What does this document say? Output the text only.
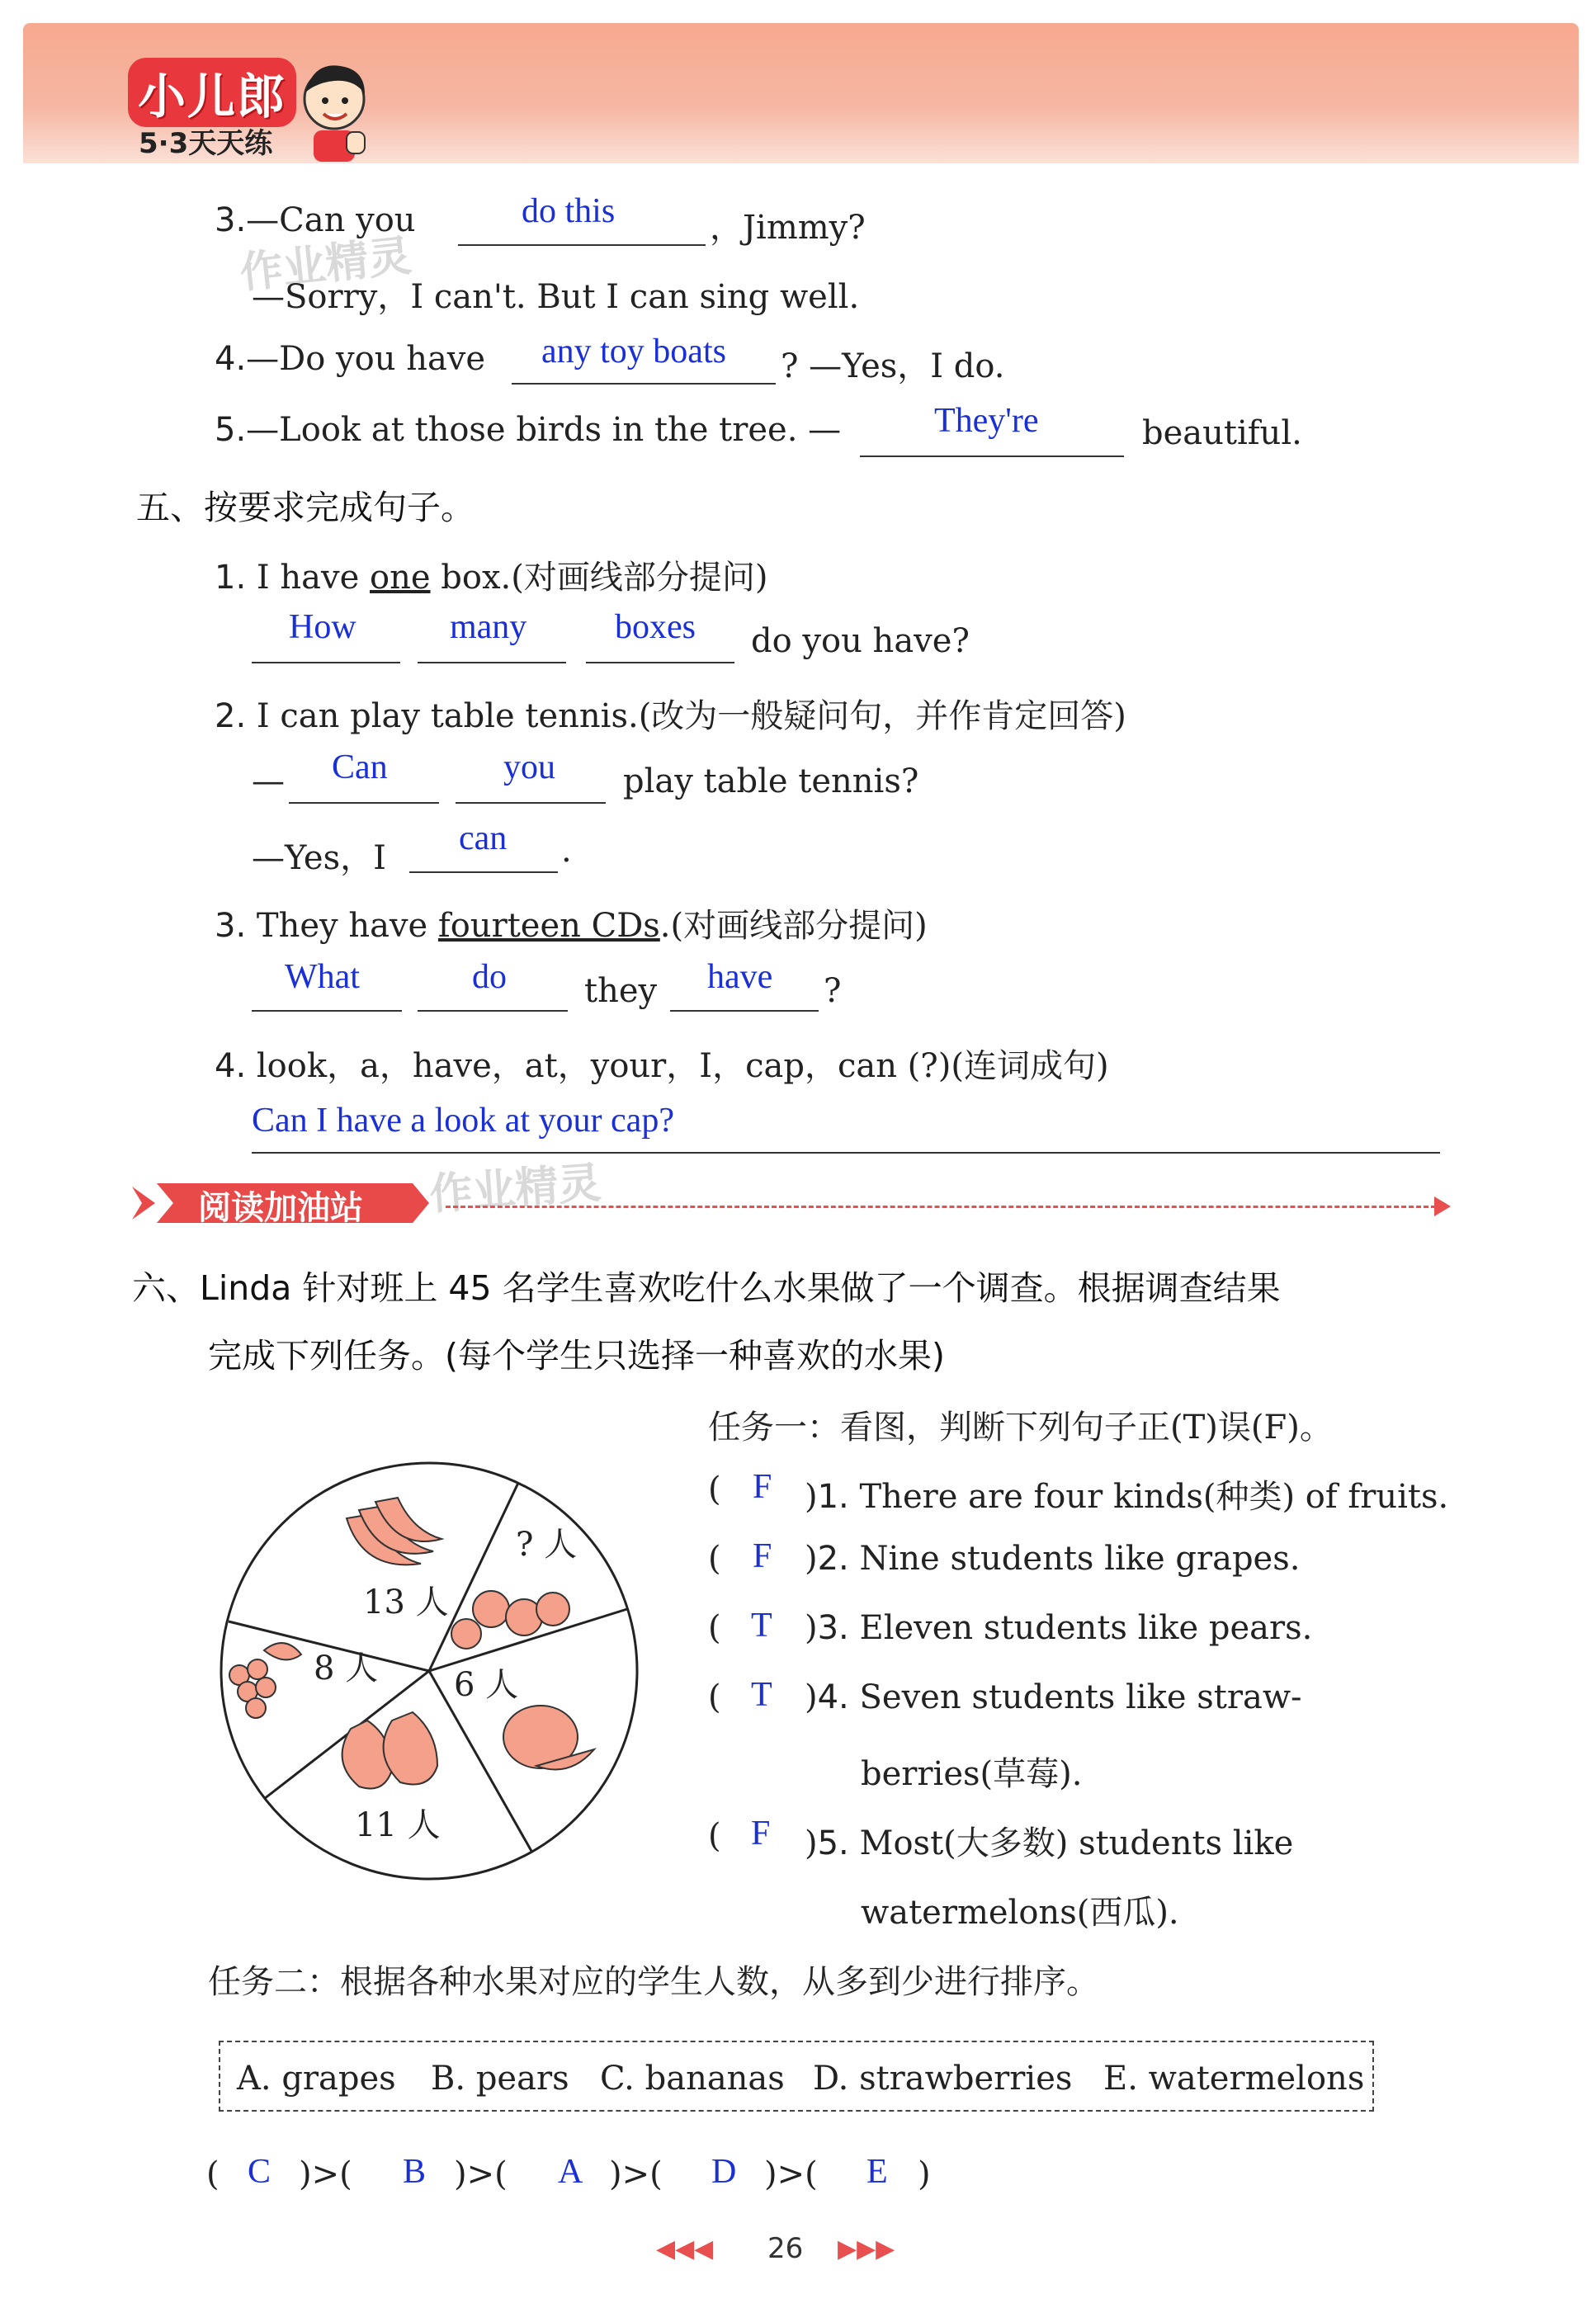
小儿郎
5·3天天练
作业精灵
作业精灵
3.—Can you	do this	，Jimmy?
—Sorry，I can't. But I can sing well.
4.—Do you have any toy boats ? —Yes，I do.
5.—Look at those birds in the tree. —	They're	beautiful.
五、按要求完成句子。
1. I have one box.(对画线部分提问)
How	many	boxes do you have?
2. I can play table tennis.(改为一般疑问句，并作肯定回答)
— Can	you play table tennis?
—Yes，I
can .
3. They have fourteen CDs.(对画线部分提问)
What	do they have ?
4. look，a，have，at，your，I，cap，can (?)(连词成句)
Can I have a look at your cap?
阅读加油站
六、Linda 针对班上 45 名学生喜欢吃什么水果做了一个调查。根据调查结果
完成下列任务。(每个学生只选择一种喜欢的水果)
任务一：看图，判断下列句子正(T)误(F)。
13 人
? 人
8 人 6 人
11 人
( F )1. There are four kinds(种类) of fruits.
( F )2. Nine students like grapes.
( T )3. Eleven students like pears.
( T )4. Seven students like straw-
berries(草莓).
( F )5. Most(大多数) students like
watermelons(西瓜).
任务二：根据各种水果对应的学生人数，从多到少进行排序。
A. grapes B. pears C. bananas D. strawberries E. watermelons
( C )>( B )>( A )>( D )>( E )
◀◀◀ 26 ▶▶▶
